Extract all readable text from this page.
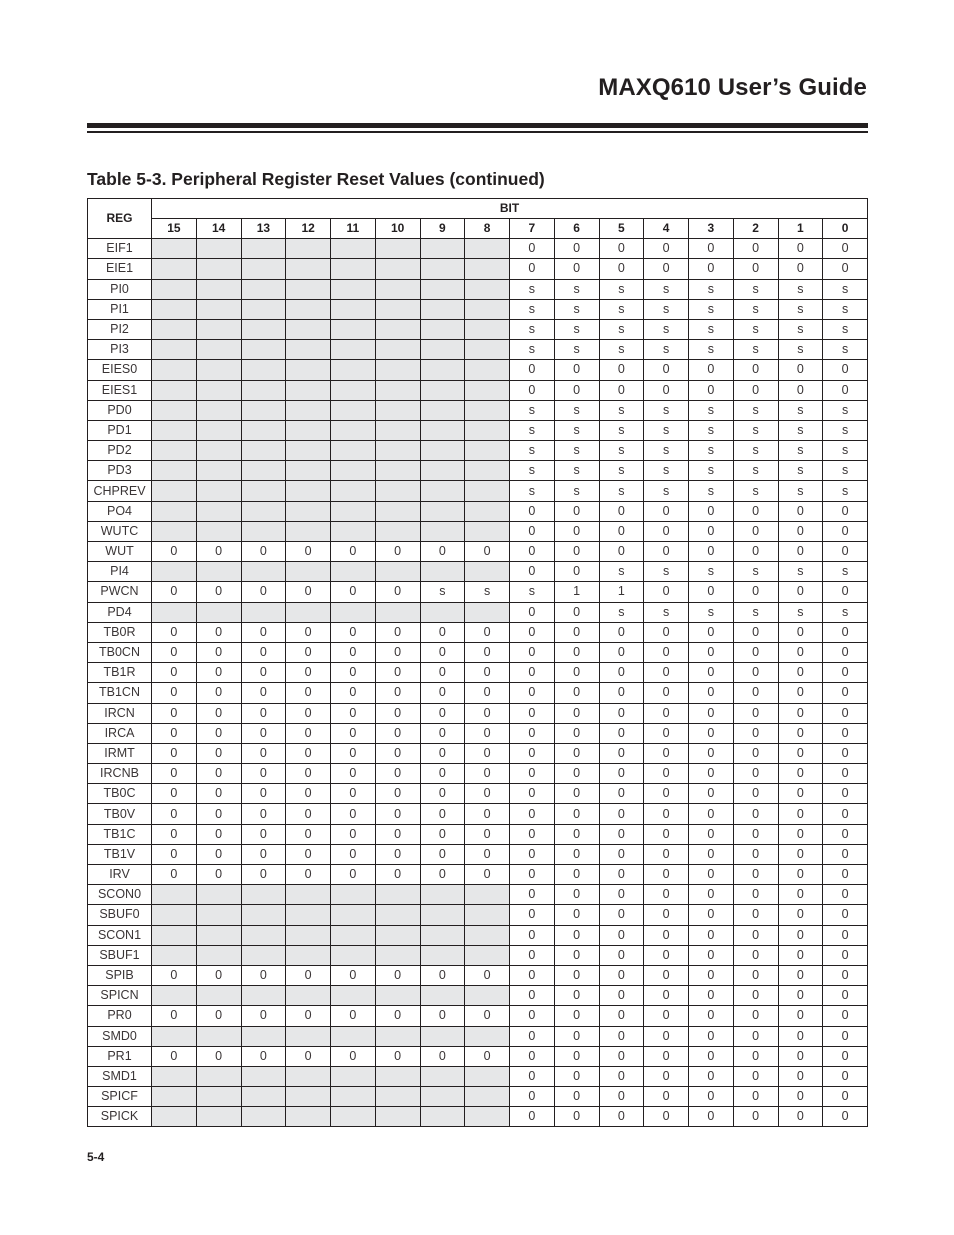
MAXQ610 User’s Guide
Table 5-3. Peripheral Register Reset Values (continued)
REG	BIT															
	15	14	13	12	11	10	9	8	7	6	5	4	3	2	1	0
EIF1									0	0	0	0	0	0	0	0
EIE1									0	0	0	0	0	0	0	0
PI0									s	s	s	s	s	s	s	s
PI1									s	s	s	s	s	s	s	s
PI2									s	s	s	s	s	s	s	s
PI3									s	s	s	s	s	s	s	s
EIES0									0	0	0	0	0	0	0	0
EIES1									0	0	0	0	0	0	0	0
PD0									s	s	s	s	s	s	s	s
PD1									s	s	s	s	s	s	s	s
PD2									s	s	s	s	s	s	s	s
PD3									s	s	s	s	s	s	s	s
CHPREV									s	s	s	s	s	s	s	s
PO4									0	0	0	0	0	0	0	0
WUTC									0	0	0	0	0	0	0	0
WUT	0	0	0	0	0	0	0	0	0	0	0	0	0	0	0	0
PI4									0	0	s	s	s	s	s	s
PWCN	0	0	0	0	0	0	s	s	s	1	1	0	0	0	0	0
PD4									0	0	s	s	s	s	s	s
TB0R	0	0	0	0	0	0	0	0	0	0	0	0	0	0	0	0
TB0CN	0	0	0	0	0	0	0	0	0	0	0	0	0	0	0	0
TB1R	0	0	0	0	0	0	0	0	0	0	0	0	0	0	0	0
TB1CN	0	0	0	0	0	0	0	0	0	0	0	0	0	0	0	0
IRCN	0	0	0	0	0	0	0	0	0	0	0	0	0	0	0	0
IRCA	0	0	0	0	0	0	0	0	0	0	0	0	0	0	0	0
IRMT	0	0	0	0	0	0	0	0	0	0	0	0	0	0	0	0
IRCNB	0	0	0	0	0	0	0	0	0	0	0	0	0	0	0	0
TB0C	0	0	0	0	0	0	0	0	0	0	0	0	0	0	0	0
TB0V	0	0	0	0	0	0	0	0	0	0	0	0	0	0	0	0
TB1C	0	0	0	0	0	0	0	0	0	0	0	0	0	0	0	0
TB1V	0	0	0	0	0	0	0	0	0	0	0	0	0	0	0	0
IRV	0	0	0	0	0	0	0	0	0	0	0	0	0	0	0	0
SCON0									0	0	0	0	0	0	0	0
SBUF0									0	0	0	0	0	0	0	0
SCON1									0	0	0	0	0	0	0	0
SBUF1									0	0	0	0	0	0	0	0
SPIB	0	0	0	0	0	0	0	0	0	0	0	0	0	0	0	0
SPICN									0	0	0	0	0	0	0	0
PR0	0	0	0	0	0	0	0	0	0	0	0	0	0	0	0	0
SMD0									0	0	0	0	0	0	0	0
PR1	0	0	0	0	0	0	0	0	0	0	0	0	0	0	0	0
SMD1									0	0	0	0	0	0	0	0
SPICF									0	0	0	0	0	0	0	0
SPICK									0	0	0	0	0	0	0	0
5-4
